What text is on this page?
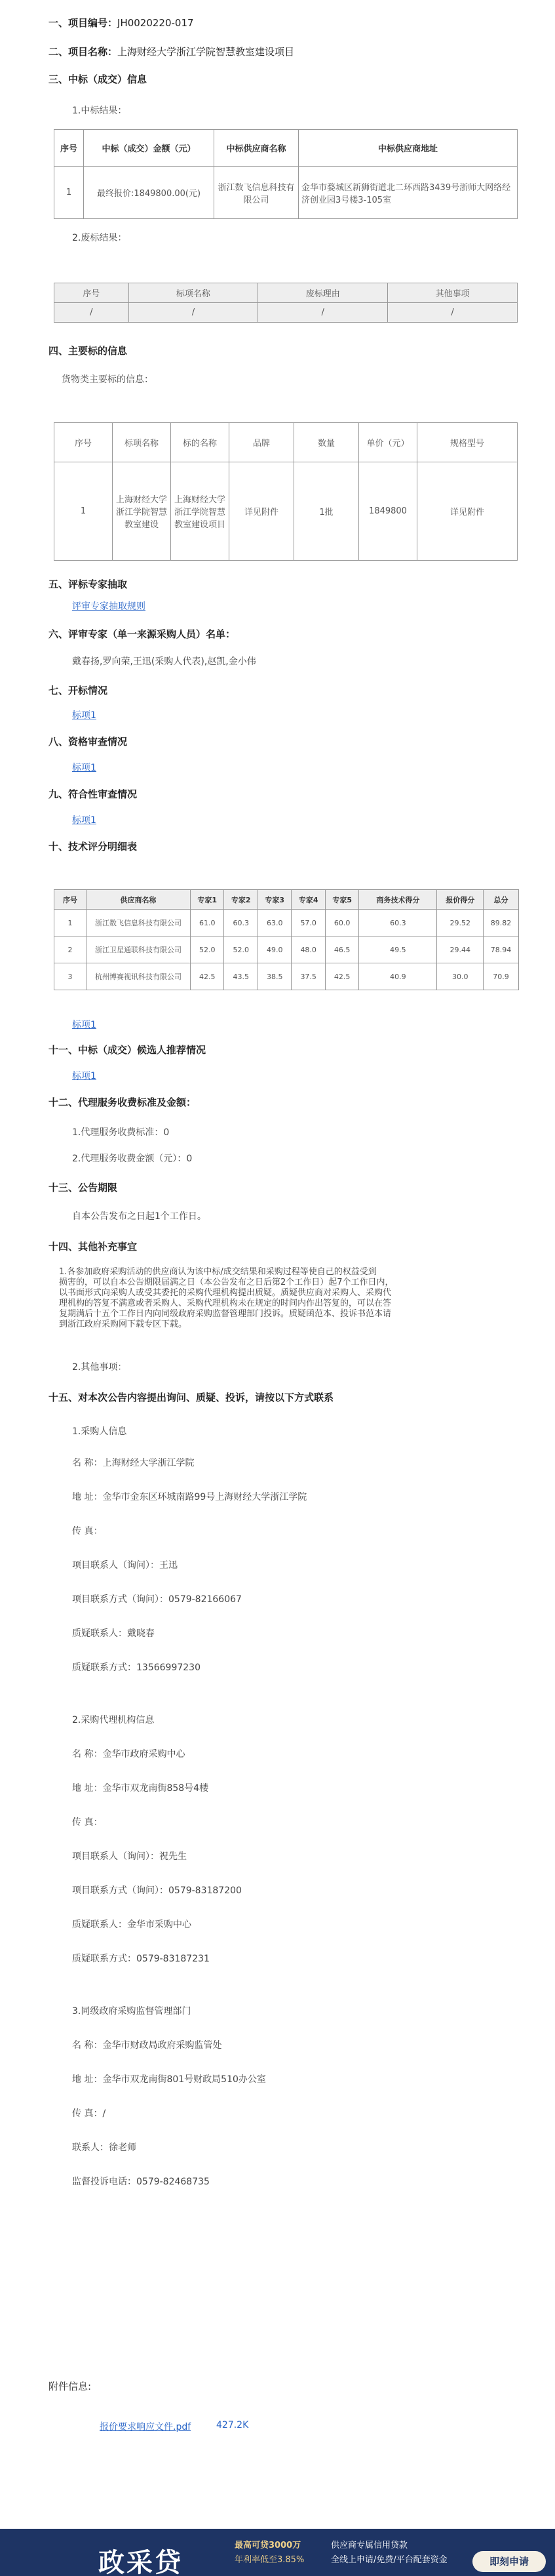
一、项目编号：JH0020220-017
二、项目名称：上海财经大学浙江学院智慧教室建设项目
三、中标（成交）信息
1.中标结果：
序号	中标（成交）金额（元）	中标供应商名称	中标供应商地址
1	最终报价:1849800.00(元)	浙江数飞信息科技有限公司	金华市婺城区新狮街道北二环西路3439号浙师大网络经济创业园3号楼3-105室
2.废标结果：
序号	标项名称	废标理由	其他事项
/	/	/	/
四、主要标的信息
货物类主要标的信息：
序号	标项名称	标的名称	品牌	数量	单价（元）	规格型号
1	上海财经大学浙江学院智慧教室建设	上海财经大学浙江学院智慧教室建设项目	详见附件	1批	1849800	详见附件
五、评标专家抽取
评审专家抽取规则
六、评审专家（单一来源采购人员）名单：
戴春扬,罗向荣,王迅(采购人代表),赵凯,金小伟
七、开标情况
标项1
八、资格审查情况
标项1
九、符合性审查情况
标项1
十、技术评分明细表
序号	供应商名称	专家1	专家2	专家3	专家4	专家5	商务技术得分	报价得分	总分
1	浙江数飞信息科技有限公司	61.0	60.3	63.0	57.0	60.0	60.3	29.52	89.82
2	浙江卫星通联科技有限公司	52.0	52.0	49.0	48.0	46.5	49.5	29.44	78.94
3	杭州博赛视讯科技有限公司	42.5	43.5	38.5	37.5	42.5	40.9	30.0	70.9
标项1
十一、中标（成交）候选人推荐情况
标项1
十二、代理服务收费标准及金额：
1.代理服务收费标准：0
2.代理服务收费金额（元）：0
十三、公告期限
自本公告发布之日起1个工作日。
十四、其他补充事宜
1.各参加政府采购活动的供应商认为该中标/成交结果和采购过程等使自己的权益受到
损害的，可以自本公告期限届满之日（本公告发布之日后第2个工作日）起7个工作日内，
以书面形式向采购人或受其委托的采购代理机构提出质疑。质疑供应商对采购人、采购代
理机构的答复不满意或者采购人、采购代理机构未在规定的时间内作出答复的，可以在答
复期满后十五个工作日内向同级政府采购监督管理部门投诉。质疑函范本、投诉书范本请
到浙江政府采购网下载专区下载。
2.其他事项：
十五、对本次公告内容提出询问、质疑、投诉，请按以下方式联系
1.采购人信息
名 称：上海财经大学浙江学院
地 址：金华市金东区环城南路99号上海财经大学浙江学院
传 真：
项目联系人（询问）：王迅
项目联系方式（询问）：0579-82166067
质疑联系人：戴晓春
质疑联系方式：13566997230
2.采购代理机构信息
名 称：金华市政府采购中心
地 址：金华市双龙南街858号4楼
传 真：
项目联系人（询问）：祝先生
项目联系方式（询问）：0579-83187200
质疑联系人：金华市采购中心
质疑联系方式：0579-83187231
3.同级政府采购监督管理部门
名 称：金华市财政局政府采购监管处
地 址：金华市双龙南街801号财政局510办公室
传 真：/
联系人：徐老师
监督投诉电话：0579-82468735
附件信息:
报价要求响应文件.pdf	427.2K
政采贷
最高可贷3000万
年利率低至3.85%
供应商专属信用贷款
全线上申请/免费/平台配套资金	即刻申请
